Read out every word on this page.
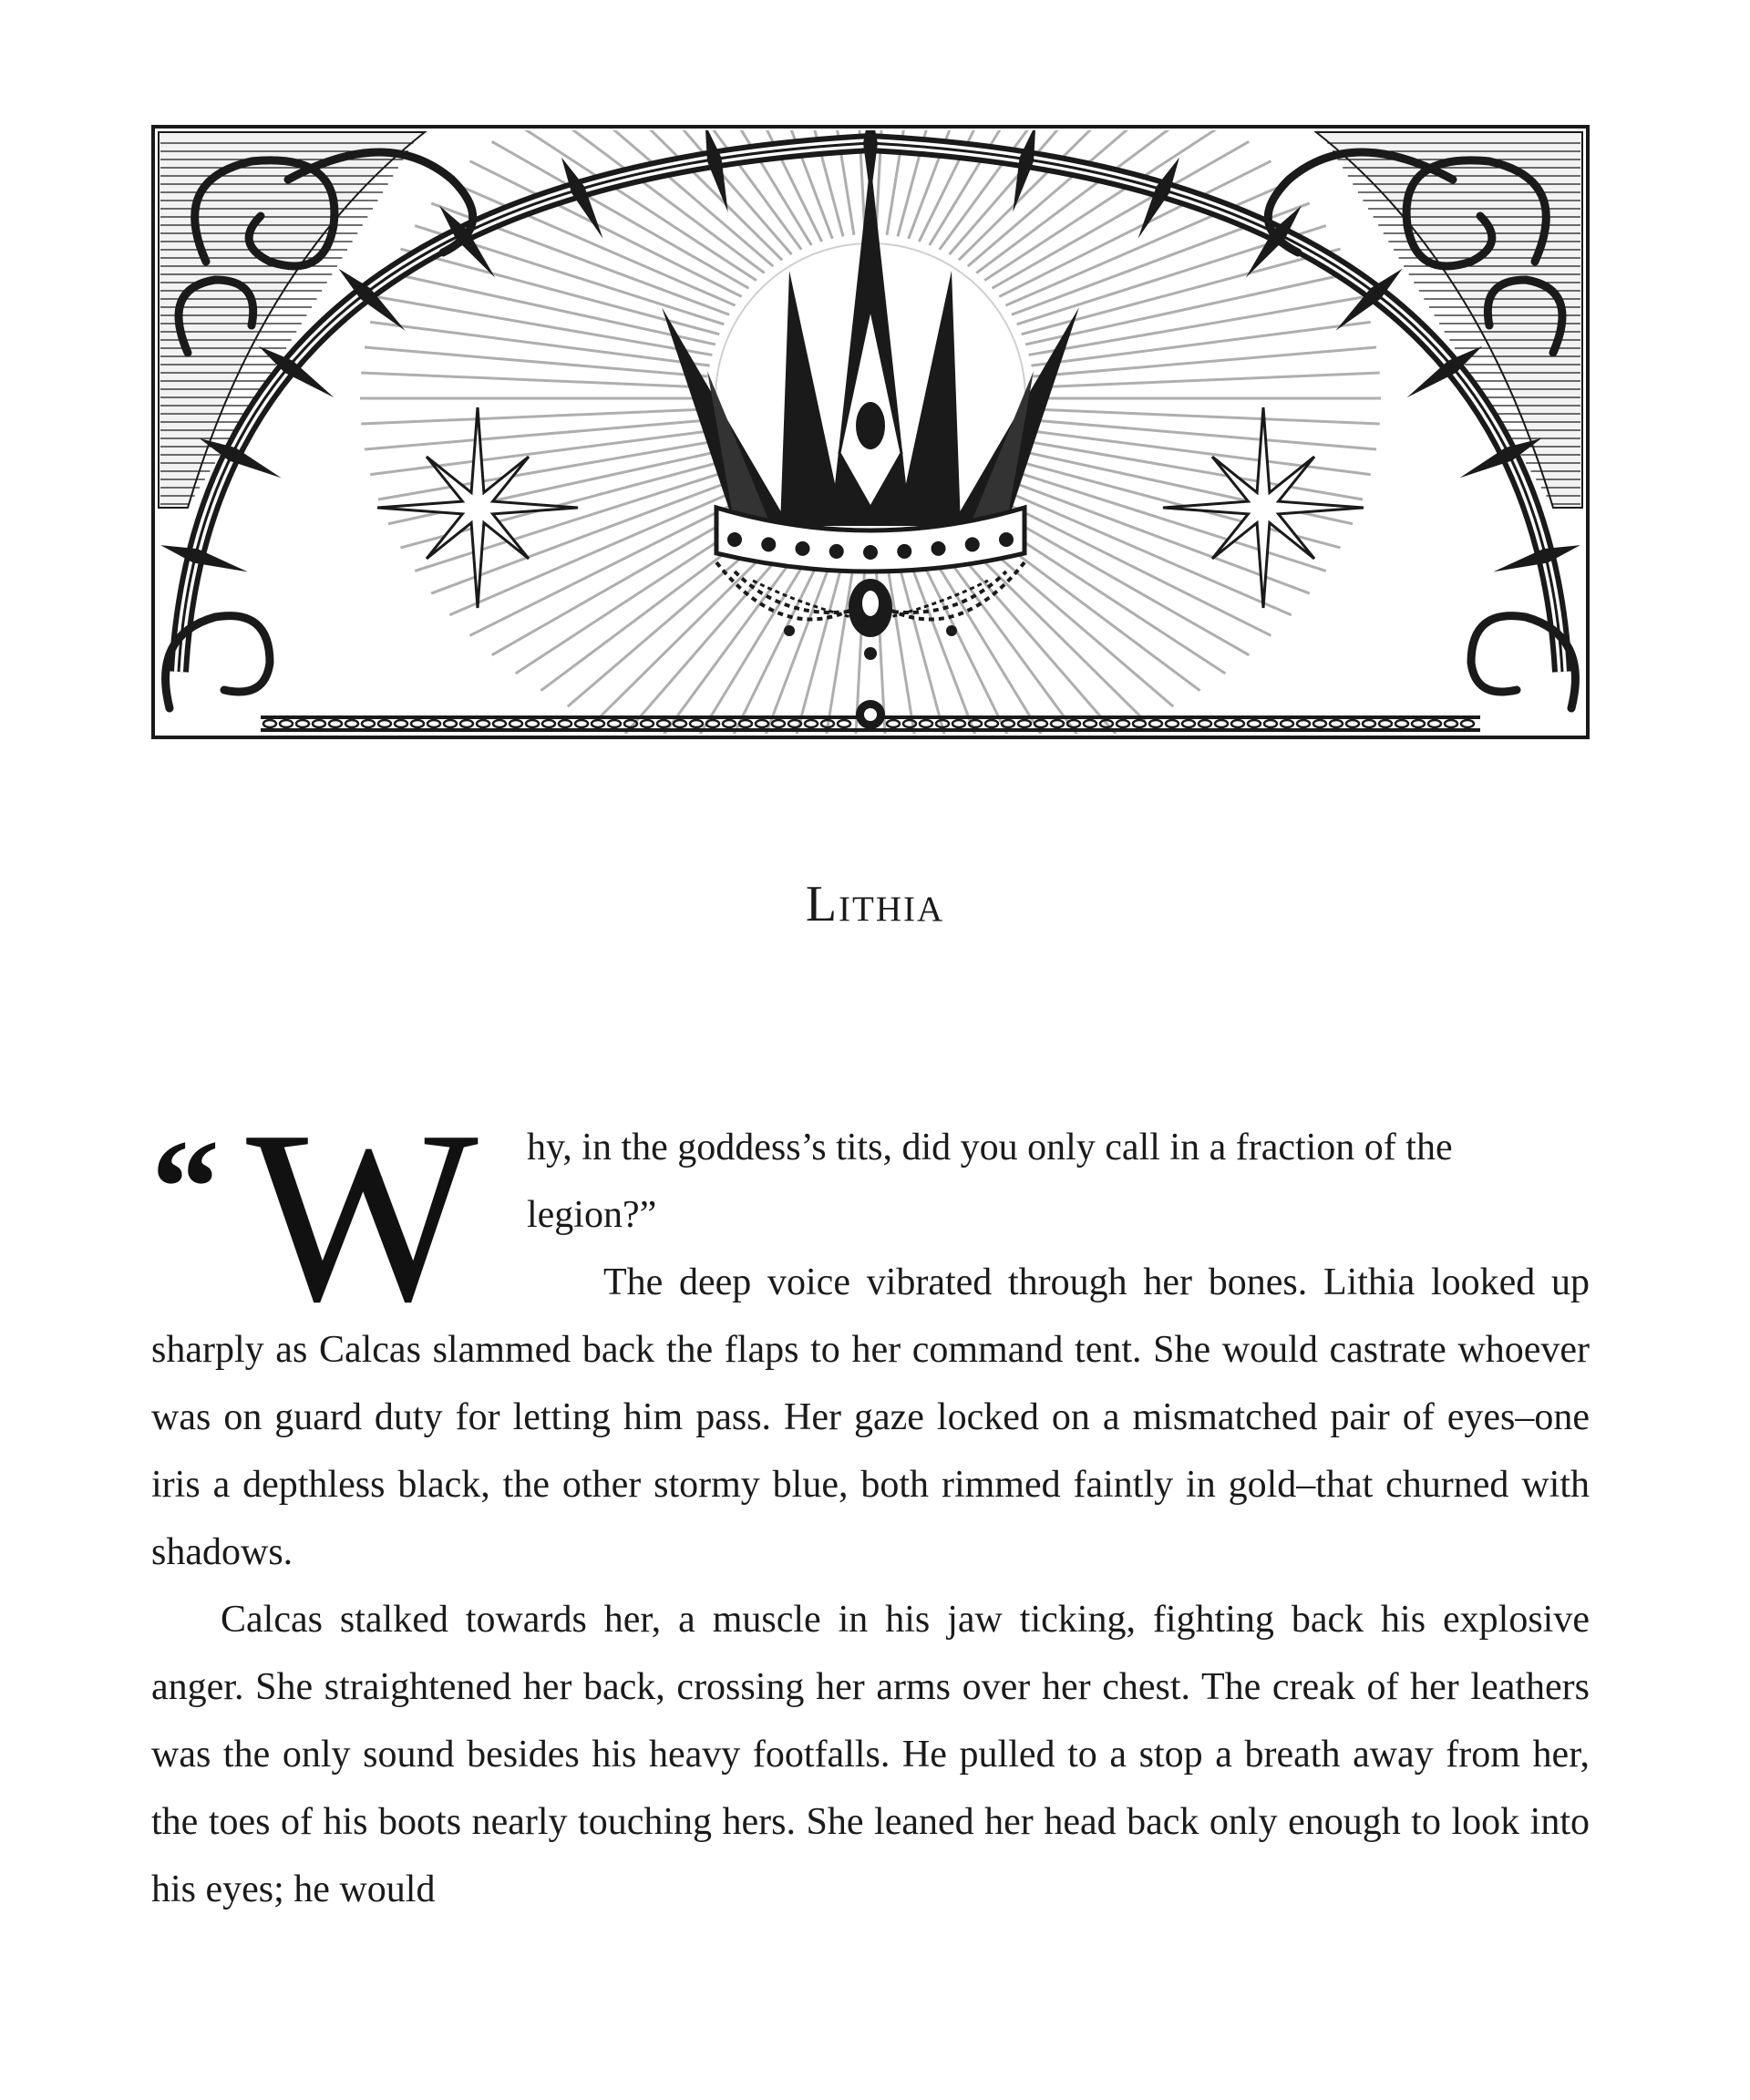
Lithia
“ W hy, in the goddess’s tits, did you only call in a fraction of the legion?”
The deep voice vibrated through her bones. Lithia looked up sharply as Calcas slammed back the flaps to her command tent. She would castrate whoever was on guard duty for letting him pass. Her gaze locked on a mismatched pair of eyes–one iris a depthless black, the other stormy blue, both rimmed faintly in gold–that churned with shadows.
Calcas stalked towards her, a muscle in his jaw ticking, fighting back his explosive anger. She straightened her back, crossing her arms over her chest. The creak of her leathers was the only sound besides his heavy footfalls. He pulled to a stop a breath away from her, the toes of his boots nearly touching hers. She leaned her head back only enough to look into his eyes; he would
